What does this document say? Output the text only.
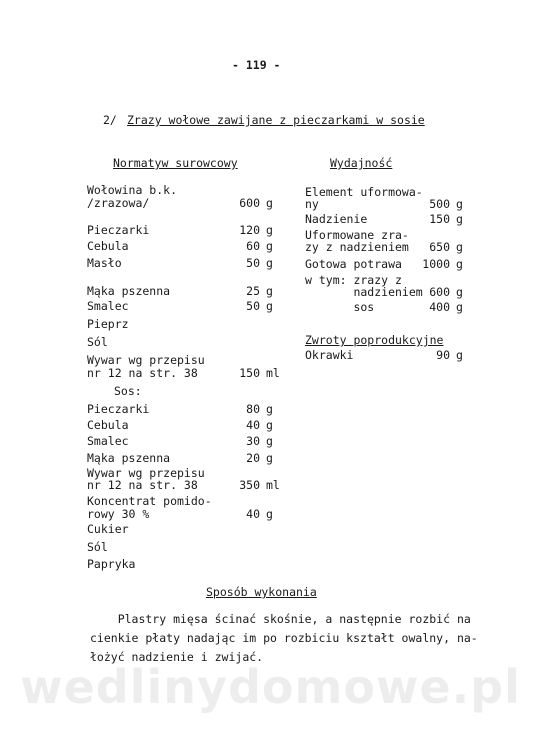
- 119 -
2/ Zrazy wołowe zawijane z pieczarkami w sosie
Normatyw surowcowy	Wydajność
Wołowina b.k.
/zrazowa/	600 g
Pieczarki	120 g
Cebula	60 g
Masło	50 g
Mąka pszenna	25 g
Smalec	50 g
Pieprz
Sól
Wywar wg przepisu
nr 12 na str. 38	150 ml
Sos:
Pieczarki	80 g
Cebula	40 g
Smalec	30 g
Mąka pszenna	20 g
Wywar wg przepisu
nr 12 na str. 38	350 ml
Koncentrat pomido-
rowy 30 %	40 g
Cukier
Sól
Papryka
Element uformowa-
ny	500 g
Nadzienie	150 g
Uformowane zra-
zy z nadzieniem	650 g
Gotowa potrawa	1000 g
w tym: zrazy z
nadzieniem 600 g
sos	400 g
Zwroty poprodukcyjne
Okrawki	90 g
Sposób wykonania
Plastry mięsa ścinać skośnie, a następnie rozbić na
cienkie płaty nadając im po rozbiciu kształt owalny, na-
łożyć nadzienie i zwijać.
wedlinydomowe.pl
